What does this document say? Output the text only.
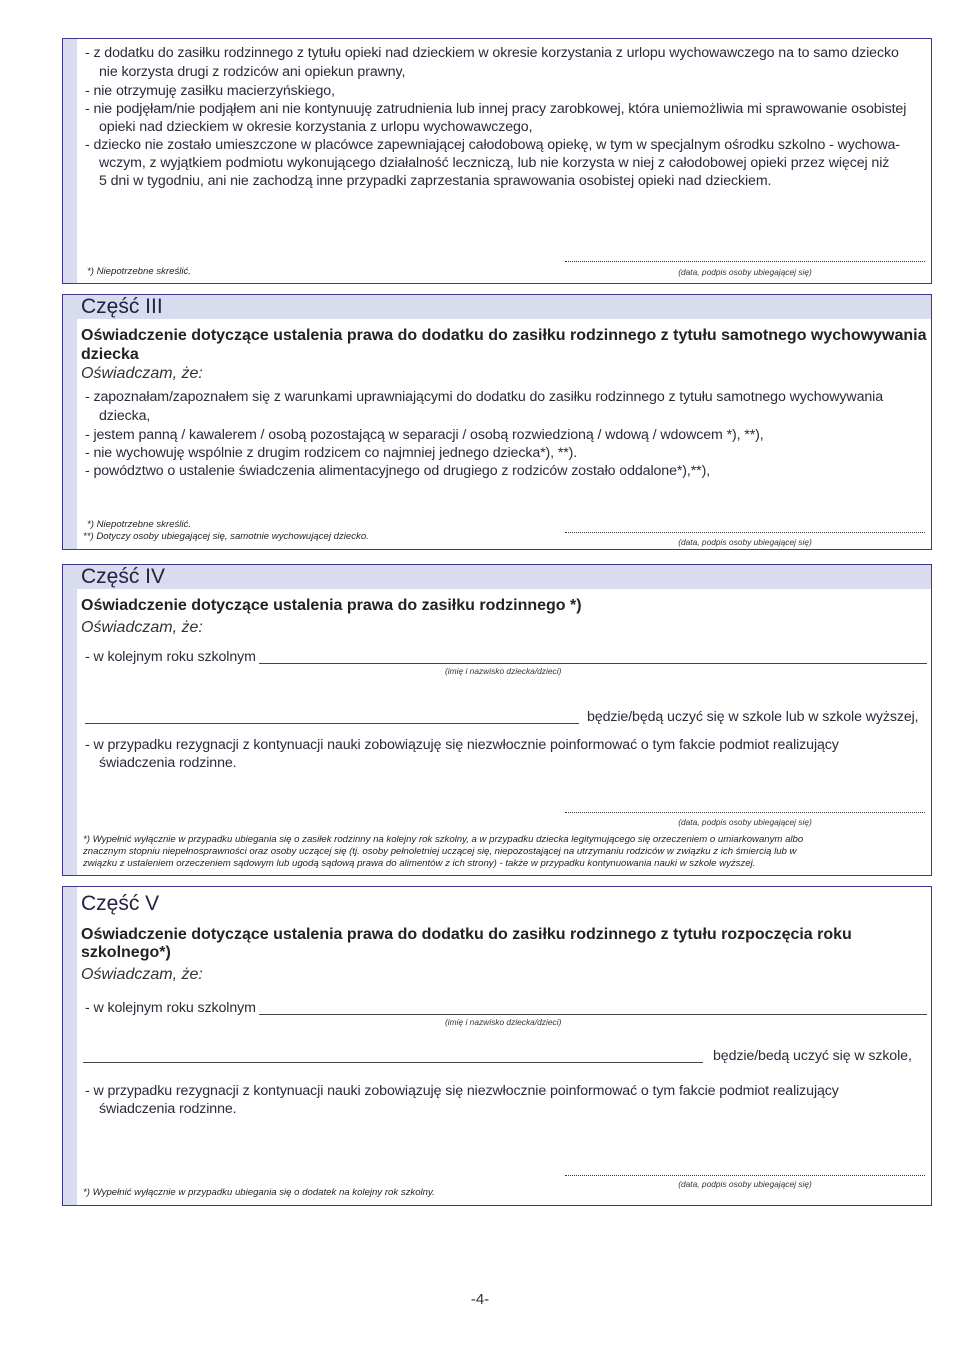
- z dodatku do zasiłku rodzinnego z tytułu opieki nad dzieckiem w okresie korzystania z urlopu wychowawczego na to samo dziecko
nie korzysta drugi z rodziców ani opiekun prawny,
- nie otrzymuję zasiłku macierzyńskiego,
- nie podjęłam/nie podjąłem ani nie kontynuuję zatrudnienia lub innej pracy zarobkowej, która uniemożliwia mi sprawowanie osobistej
opieki nad dzieckiem w okresie korzystania z urlopu wychowawczego,
- dziecko nie zostało umieszczone w placówce zapewniającej całodobową opiekę, w tym w specjalnym ośrodku szkolno - wychowa-
wczym, z wyjątkiem podmiotu wykonującego działalność leczniczą, lub nie korzysta w niej z całodobowej opieki przez więcej niż
5 dni w tygodniu, ani nie zachodzą inne przypadki zaprzestania sprawowania osobistej opieki nad dzieckiem.
*) Niepotrzebne skreślić.	(data, podpis osoby ubiegającej się)
Część III
Oświadczenie dotyczące ustalenia prawa do dodatku do zasiłku rodzinnego z tytułu samotnego wychowywania
dziecka
Oświadczam, że:
- zapoznałam/zapoznałem się z warunkami uprawniającymi do dodatku do zasiłku rodzinnego z tytułu samotnego wychowywania
dziecka,
- jestem panną / kawalerem / osobą pozostającą w separacji / osobą rozwiedzioną / wdową / wdowcem *), **),
- nie wychowuję wspólnie z drugim rodzicem co najmniej jednego dziecka*), **).
- powództwo o ustalenie świadczenia alimentacyjnego od drugiego z rodziców zostało oddalone*),**),
*) Niepotrzebne skreślić.
**) Dotyczy osoby ubiegającej się, samotnie wychowującej dziecko.	(data, podpis osoby ubiegającej się)
Część IV
Oświadczenie dotyczące ustalenia prawa do zasiłku rodzinnego *)
Oświadczam, że:
- w kolejnym roku szkolnym
(imię i nazwisko dziecka/dzieci)
będzie/będą uczyć się w szkole lub w szkole wyższej,
- w przypadku rezygnacji z kontynuacji nauki zobowiązuję się niezwłocznie poinformować o tym fakcie podmiot realizujący
świadczenia rodzinne.
(data, podpis osoby ubiegającej się)
*) Wypełnić wyłącznie w przypadku ubiegania się o zasiłek rodzinny na kolejny rok szkolny, a w przypadku dziecka legitymującego się orzeczeniem o umiarkowanym albo
znacznym stopniu niepełnosprawności oraz osoby uczącej się (tj. osoby pełnoletniej uczącej się, niepozostającej na utrzymaniu rodziców w związku z ich śmiercią lub w
związku z ustaleniem orzeczeniem sądowym lub ugodą sądową prawa do alimentów z ich strony) - także w przypadku kontynuowania nauki w szkole wyższej.
Część V
Oświadczenie dotyczące ustalenia prawa do dodatku do zasiłku rodzinnego z tytułu rozpoczęcia roku
szkolnego*)
Oświadczam, że:
- w kolejnym roku szkolnym
(imię i nazwisko dziecka/dzieci)
będzie/bedą uczyć się w szkole,
- w przypadku rezygnacji z kontynuacji nauki zobowiązuję się niezwłocznie poinformować o tym fakcie podmiot realizujący
świadczenia rodzinne.
(data, podpis osoby ubiegającej się)
*) Wypełnić wyłącznie w przypadku ubiegania się o dodatek na kolejny rok szkolny.
-4-
